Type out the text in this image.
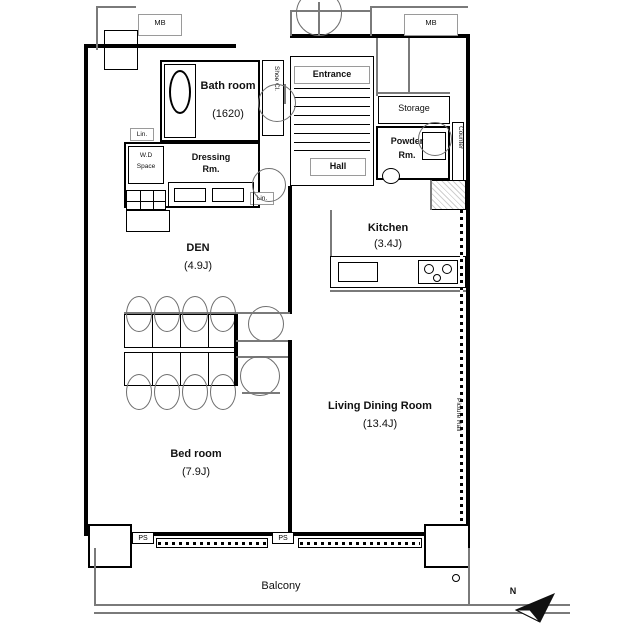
MB	MB
Bath room
(1620)
Shoe Cl.	Entrance
Hall
Storage
Powder
Rm.
Counter
Dressing
Rm.
W.D
Space
Lin.
Lin.
DEN
(4.9J)
Bed room
(7.9J)
Kitchen
(3.4J)
Living Dining Room
(13.4J)	Picture Rail
PS	PS
Balcony	N
